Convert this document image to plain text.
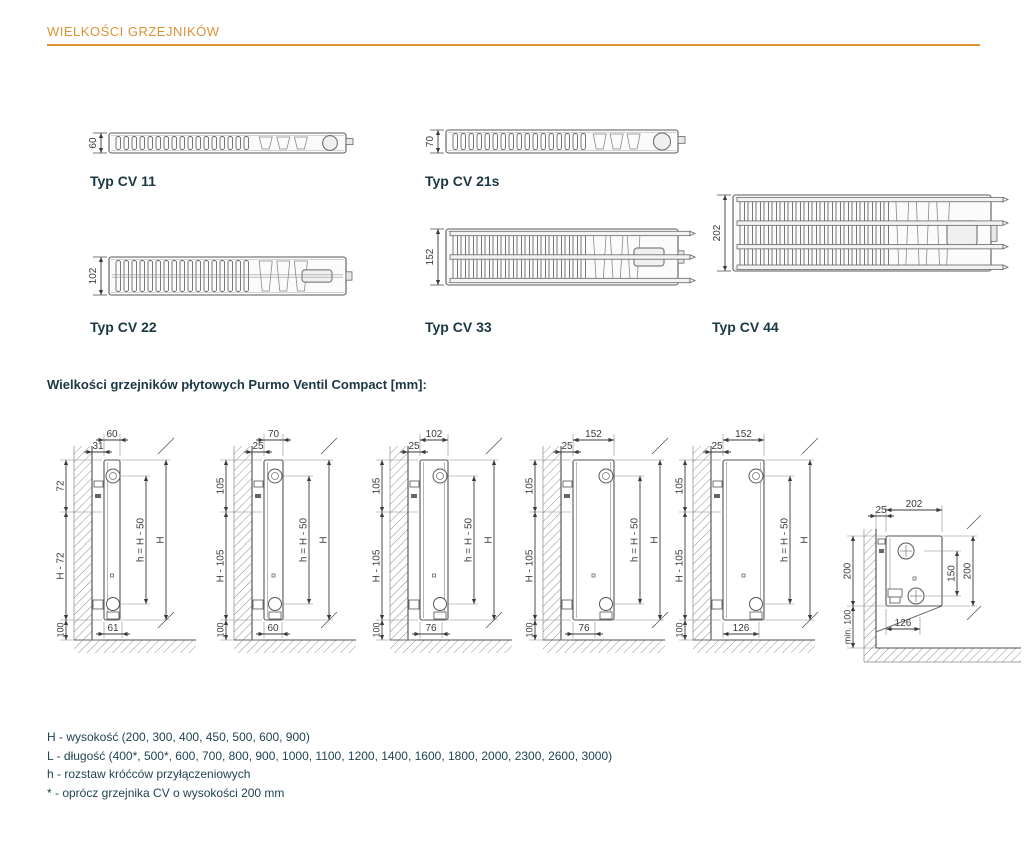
WIELKOŚCI GRZEJNIKÓW
60
Typ CV 11
70
Typ CV 21s
102
Typ CV 22
152
Typ CV 33
202
Typ CV 44
Wielkości grzejników płytowych Purmo Ventil Compact [mm]:
60
31
72
H - 72
100
h = H - 50 H
61
70
25
105
H - 105
100
h = H - 50 H
60
102
25
105
H - 105
100
h = H - 50 H
76
152
25
105
H - 105
100
h = H - 50 H
76
152
25
105
H - 105
100
h = H - 50 H
126
202
25
200
min. 100
150 200
126
H - wysokość (200, 300, 400, 450, 500, 600, 900)
L - długość (400*, 500*, 600, 700, 800, 900, 1000, 1100, 1200, 1400, 1600, 1800, 2000, 2300, 2600, 3000)
h - rozstaw króćców przyłączeniowych
* - oprócz grzejnika CV o wysokości 200 mm
